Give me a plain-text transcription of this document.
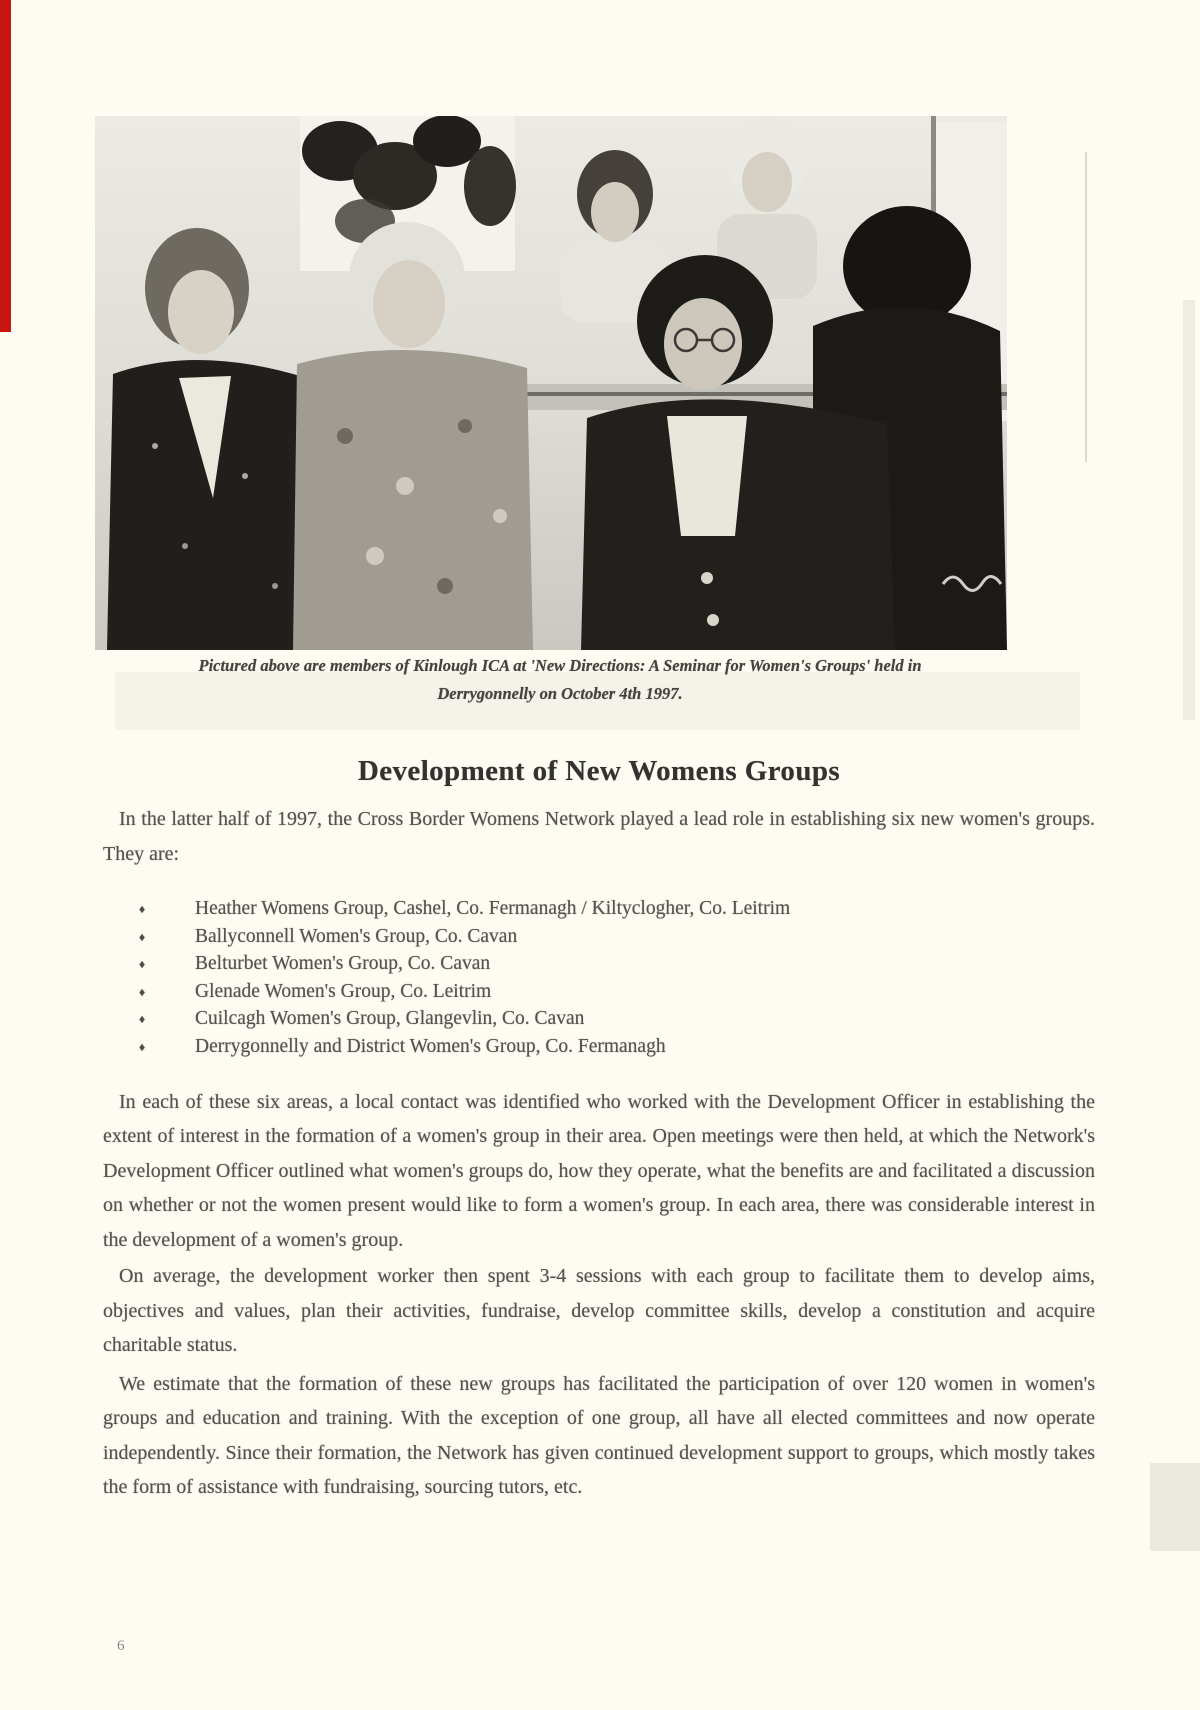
Pictured above are members of Kinlough ICA at 'New Directions: A Seminar for Women's Groups' held in
Derrygonnelly on October 4th 1997.
Development of New Womens Groups

In the latter half of 1997, the Cross Border Womens Network played a lead role in establishing six new women's groups. They are:

♦	Heather Womens Group, Cashel, Co. Fermanagh / Kiltyclogher, Co. Leitrim
♦	Ballyconnell Women's Group, Co. Cavan
♦	Belturbet Women's Group, Co. Cavan
♦	Glenade Women's Group, Co. Leitrim
♦	Cuilcagh Women's Group, Glangevlin, Co. Cavan
♦	Derrygonnelly and District Women's Group, Co. Fermanagh

In each of these six areas, a local contact was identified who worked with the Development Officer in establishing the extent of interest in the formation of a women's group in their area. Open meetings were then held, at which the Network's Development Officer outlined what women's groups do, how they operate, what the benefits are and facilitated a discussion on whether or not the women present would like to form a women's group. In each area, there was considerable interest in the development of a women's group.

On average, the development worker then spent 3-4 sessions with each group to facilitate them to develop aims, objectives and values, plan their activities, fundraise, develop committee skills, develop a constitution and acquire charitable status.

We estimate that the formation of these new groups has facilitated the participation of over 120 women in women's groups and education and training. With the exception of one group, all have all elected committees and now operate independently. Since their formation, the Network has given continued development support to groups, which mostly takes the form of assistance with fundraising, sourcing tutors, etc.

6
